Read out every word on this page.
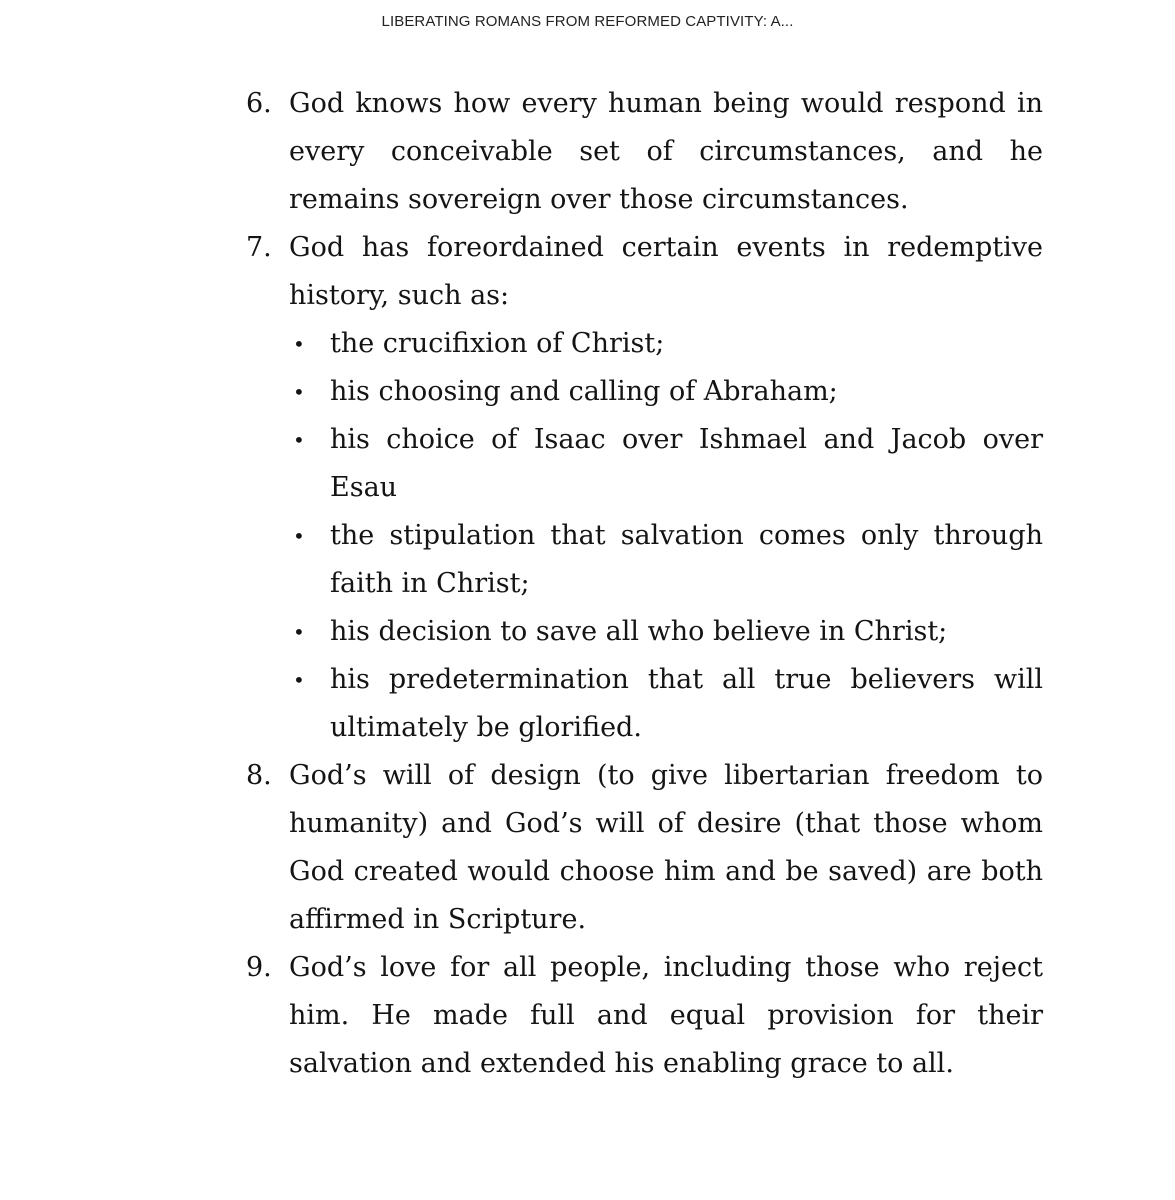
LIBERATING ROMANS FROM REFORMED CAPTIVITY: A...
6. God knows how every human being would respond in every conceivable set of circumstances, and he remains sovereign over those circumstances.
7. God has foreordained certain events in redemptive history, such as:
• the crucifixion of Christ;
• his choosing and calling of Abraham;
• his choice of Isaac over Ishmael and Jacob over Esau
• the stipulation that salvation comes only through faith in Christ;
• his decision to save all who believe in Christ;
• his predetermination that all true believers will ultimately be glorified.
8. God’s will of design (to give libertarian freedom to humanity) and God’s will of desire (that those whom God created would choose him and be saved) are both affirmed in Scripture.
9. God’s love for all people, including those who reject him. He made full and equal provision for their salvation and extended his enabling grace to all.
